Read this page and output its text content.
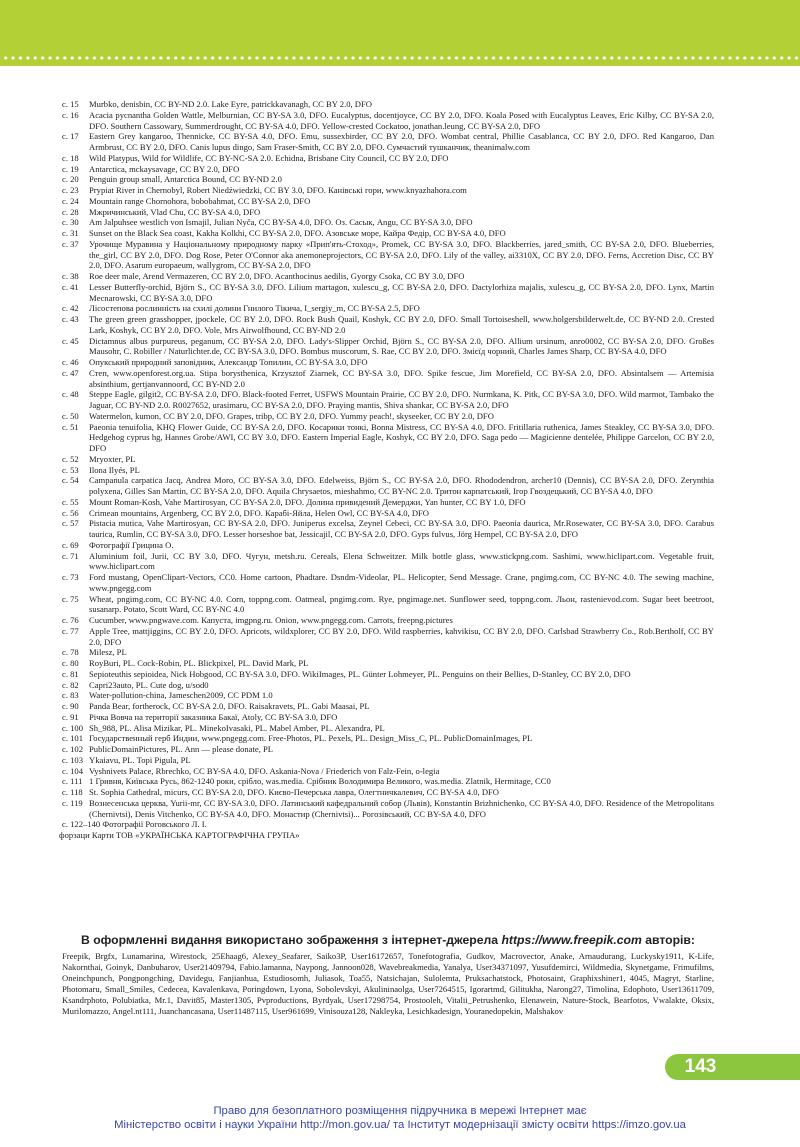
с. 15	Murbko, denisbin, CC BY-ND 2.0. Lake Eyre, patrickkavanagh, CC BY 2.0, DFO
с. 16	Acacia pycnantha Golden Wattle, Melburnian, CC BY-SA 3.0, DFO. Eucalyptus, docentjoyce, CC BY 2.0, DFO. Koala Posed with Eucalyptus Leaves, Eric Kilby, CC BY-SA 2.0, DFO. Southern Cassowary, Summerdrought, CC BY-SA 4.0, DFO. Yellow-crested Cockatoo, jonathan.leung, CC BY-SA 2.0, DFO
с. 17	Eastern Grey kangaroo, Thennicke, CC BY-SA 4.0, DFO. Emu, sussexbirder, CC BY 2.0, DFO. Wombat central, Phillie Casablanca, CC BY 2.0, DFO. Red Kangaroo, Dan Armbrust, CC BY 2.0, DFO. Canis lupus dingo, Sam Fraser-Smith, CC BY 2.0, DFO. Сумчастий тушканчик, theanimalw.com
с. 18	Wild Platypus, Wild for Wildlife, CC BY-NC-SA 2.0. Echidna, Brisbane City Council, CC BY 2.0, DFO
с. 19	Antarctica, mckaysavage, CC BY 2.0, DFO
с. 20	Penguin group small, Antarctica Bound, CC BY-ND 2.0
с. 23	Prypiat River in Chernobyl, Robert Niedźwiedzki, CC BY 3.0, DFO. Канівські гори, www.knyazhahora.com
с. 24	Mountain range Chornohora, bobobahmat, CC BY-SA 2.0, DFO
с. 28	Мжричинський, Vlad Chu, CC BY-SA 4.0, DFO
с. 30	Am Jalpuhsee westlich von Ismajil, Julian Nyča, CC BY-SA 4.0, DFO. Оз. Сасык, Angu, CC BY-SA 3.0, DFO
с. 31	Sunset on the Black Sea coast, Kakha Kolkhi, CC BY-SA 2.0, DFO. Азовське море, Кайра Федір, CC BY-SA 4.0, DFO
с. 37	Урочище Муравина у Національному природному парку «Прип'ять-Стоход», Promek, CC BY-SA 3.0, DFO. Blackberries, jared_smith, CC BY-SA 2.0, DFO. Blueberries, the_girl, CC BY 2.0, DFO. Dog Rose, Peter O'Connor aka anemoneprojectors, CC BY-SA 2.0, DFO. Lily of the valley, ai3310X, CC BY 2.0, DFO. Ferns, Accretion Disc, CC BY 2.0, DFO. Asarum europaeum, wallygrom, CC BY-SA 2.0, DFO
с. 38	Roe deer male, Arend Vermazeren, CC BY 2.0, DFO. Acanthocinus aedilis, Gyorgy Csoka, CC BY 3.0, DFO
с. 41	Lesser Butterfly-orchid, Björn S., CC BY-SA 3.0, DFO. Lilium martagon, xulescu_g, CC BY-SA 2.0, DFO. Dactylorhiza majalis, xulescu_g, CC BY-SA 2.0, DFO. Lynx, Martin Mecnarowski, CC BY-SA 3.0, DFO
с. 42	Лісостепова рослинність на схилі долини Гнилого Тікича, I_sergiy_m, CC BY-SA 2.5, DFO
с. 43	The green green grasshopper, jpockele, CC BY 2.0, DFO. Rock Bush Quail, Koshyk, CC BY 2.0, DFO. Small Tortoiseshell, www.holgersbilderwelt.de, CC BY-ND 2.0. Crested Lark, Koshyk, CC BY 2.0, DFO. Vole, Mrs Airwolfhound, CC BY-ND 2.0
с. 45	Dictamnus albus purpureus, peganum, CC BY-SA 2.0, DFO. Lady's-Slipper Orchid, Björn S., CC BY-SA 2.0, DFO. Allium ursinum, anro0002, CC BY-SA 2.0, DFO. Großes Mausohr, C. Robiller / Naturlichter.de, CC BY-SA 3.0, DFO. Bombus muscorum, S. Rae, CC BY 2.0, DFO. Змієїд чорний, Charles James Sharp, CC BY-SA 4.0, DFO
с. 46	Опукський природний заповідник, Александр Топилин, CC BY-SA 3.0, DFO
с. 47	Степ, www.openforest.org.ua. Stipa borysthenica, Krzysztof Ziarnek, CC BY-SA 3.0, DFO. Spike fescue, Jim Morefield, CC BY-SA 2.0, DFO. Absintalsem — Artemisia absinthium, gertjanvannoord, CC BY-ND 2.0
с. 48	Steppe Eagle, gilgit2, CC BY-SA 2.0, DFO. Black-footed Ferret, USFWS Mountain Prairie, CC BY 2.0, DFO. Nurmkana, K. Pitk, CC BY-SA 3.0, DFO. Wild marmot, Tambako the Jaguar, CC BY-ND 2.0. R0027652, urasimaru, CC BY-SA 2.0, DFO. Praying mantis, Shiva shankar, CC BY-SA 2.0, DFO
с. 50	Watermelon, kumon, CC BY 2.0, DFO. Grapes, tribp, CC BY 2.0, DFO. Yummy peach!, skyseeker, CC BY 2.0, DFO
с. 51	Paeonia tenuifolia, KHQ Flower Guide, CC BY-SA 2.0, DFO. Косарики тонкі, Bonna Mistress, CC BY-SA 4.0, DFO. Fritillaria ruthenica, James Steakley, CC BY-SA 3.0, DFO. Hedgehog cyprus hg, Hannes Grobe/AWI, CC BY 3.0, DFO. Eastern Imperial Eagle, Koshyk, CC BY 2.0, DFO. Saga pedo — Magicienne dentelée, Philippe Garcelon, CC BY 2.0, DFO
с. 52	Mryoxter, PL
с. 53	Ilona Ilyés, PL
с. 54	Campanula carpatica Jacq, Andrea Moro, CC BY-SA 3.0, DFO. Edelweiss, Björn S., CC BY-SA 2.0, DFO. Rhododendron, archer10 (Dennis), CC BY-SA 2.0, DFO. Zerynthia polyxena, Gilles San Martin, CC BY-SA 2.0, DFO. Aquila Chrysaetos, mieshahmo, CC BY-NC 2.0. Тритон карпатський, Ігор Гвоздецький, CC BY-SA 4.0, DFO
с. 55	Mount Roman-Kosh, Vahe Martirosyan, CC BY-SA 2.0, DFO. Долина привидений Демерджи, Yan hunter, CC BY 1.0, DFO
с. 56	Crimean mountains, Argenberg, CC BY 2.0, DFO. Карабі-Яйла, Helen Owl, CC BY-SA 4.0, DFO
с. 57	Pistacia mutica, Vahe Martirosyan, CC BY-SA 2.0, DFO. Juniperus excelsa, Zeynel Cebeci, CC BY-SA 3.0, DFO. Paeonia daurica, Mr.Rosewater, CC BY-SA 3.0, DFO. Carabus taurica, Rumlin, CC BY-SA 3.0, DFO. Lesser horseshoe bat, Jessicajil, CC BY-SA 2.0, DFO. Gyps fulvus, Jörg Hempel, CC BY-SA 2.0, DFO
с. 69	Фотографії Грицина О.
с. 71	Aluminium foil, Jurii, CC BY 3.0, DFO. Чугун, metsh.ru. Cereals, Elena Schweitzer. Milk bottle glass, www.stickpng.com. Sashimi, www.hiclipart.com. Vegetable fruit, www.hiclipart.com
с. 73	Ford mustang, OpenClipart-Vectors, CC0. Home cartoon, Phadtare. Dsndm-Videolar, PL. Helicopter, Send Message. Crane, pngimg.com, CC BY-NC 4.0. The sewing machine, www.pngegg.com
с. 75	Wheat, pngimg.com, CC BY-NC 4.0. Corn, toppng.com. Oatmeal, pngimg.com. Rye, pngimage.net. Sunflower seed, toppng.com. Льон, rasteniеvod.com. Sugar beet beetroot, susanarp. Potato, Scott Ward, CC BY-NC 4.0
с. 76	Cucumber, www.pngwave.com. Капуста, imgpng.ru. Onion, www.pngegg.com. Carrots, freepng.pictures
с. 77	Apple Tree, mattjiggins, CC BY 2.0, DFO. Apricots, wildxplorer, CC BY 2.0, DFO. Wild raspberries, kahvikisu, CC BY 2.0, DFO. Carlsbad Strawberry Co., Rob.Bertholf, CC BY 2.0, DFO
с. 78	Milesz, PL
с. 80	RoyBuri, PL. Cock-Robin, PL. Blickpixel, PL. David Mark, PL
с. 81	Sepioteuthis sepioidea, Nick Hobgood, CC BY-SA 3.0, DFO. WikiImages, PL. Günter Lohmeyer, PL. Penguins on their Bellies, D-Stanley, CC BY 2.0, DFO
с. 82	Capri23auto, PL. Cute dog, u/sod0
с. 83	Water-pollution-china, Jameschen2009, CC PDM 1.0
с. 90	Panda Bear, fortherock, CC BY-SA 2.0, DFO. Raisakravets, PL. Gabi Maasai, PL
с. 91	Річка Вовча на території заказника Бакаї, Atoly, CC BY-SA 3.0, DFO
с. 100 Sh_988, PL. Alisa Mizikar, PL. MinekoIvasaki, PL. Mabel Amber, PL. Alexandra, PL
с. 101 Государственный герб Индии, www.pngegg.com. Free-Photos, PL. Pexels, PL. Design_Miss_C, PL. PublicDomainImages, PL
с. 102 PublicDomainPictures, PL. Ann — please donate, PL
с. 103 Ykaiavu, PL. Topi Pigula, PL
с. 104 Vyshnivets Palace, Rbrechko, CC BY-SA 4.0, DFO. Askania-Nova / Friederich von Falz-Fein, o-legia
с. 111 1 Гривня, Київська Русь, 862-1240 роки, срібло, was.media. Срібник Володимира Великого, was.media. Zlatnik, Hermitage, CC0
с. 118 St. Sophia Cathedral, micurs, CC BY-SA 2.0, DFO. Києво-Печерська лавра, Олегтничкалевич, CC BY-SA 4.0, DFO
с. 119 Вознесенська церква, Yuriі-mr, CC BY-SA 3.0, DFO. Латинський кафедральний собор (Львів), Konstantin Brizhnichenko, CC BY-SA 4.0, DFO. Residence of the Metropolitans (Chernivtsi), Denis Vitchenko, CC BY-SA 4.0, DFO. Монастир (Chernivtsi)... Рогозівський, CC BY-SA 4.0, DFO
с. 122–140 Фотографії Роговськогo Л. І.
форзаци Карти ТОВ «УКРАЇНСЬКА КАРТОГРАФІЧНА ГРУПА»
В оформленні видання використано зображення з інтернет-джерела https://www.freepik.com авторів:
Freepik, Brgfx, Lunamarina, Wirestock, 25Ehaag6, Alexey_Seafarer, Saiko3P, User16172657, Tonefotografia, Gudkov, Macrovector, Anake, Arnaudurang, Luckysky1911, K-Life, Nakornthai, Goinyk, Danbuharov, User21409794, Fabio.lamanna, Naypong, Jannoon028, Wavebreakmedia, Yanalya, User34371097, Yusufdemirci, Wildmedia, Skynetgame, Frimufilms, Oneinchpunch, Pongpongching, Davidegu, Fanjianhua, Estudiosomh, Juliasok, Toa55, Natsichajan, Sulolemta, Pruksachatstock, Photosaint, Graphixshiner1, 4045, Magryt, Starline, Photomaru, Small_Smiles, Cedecea, Kavalenkava, Poringdown, Lyona, Sobolevskyi, Akulininaolga, User7264515, Igorartmd, Gilitukha, Narong27, Timolina, Edophoto, User13611709, Ksandrphoto, Polubiatka, Mr.1, Davit85, Master1305, Pvproductions, Byrdyak, User17298754, Prostooleh, Vitalii_Petrushenko, Elenawein, Nature-Stock, Bearfotos, Vwalakte, Oksix, Murilomazzo, Angel.nt111, Juanchancasana, User11487115, User961699, Vinisouza128, Nakleyka, Lesichkadesign, Youranedopekin, Malshakov
143
Право для безоплатного розміщення підручника в мережі Інтернет має
Міністерство освіти і науки України http://mon.gov.ua/ та Інститут модернізації змісту освіти https://imzo.gov.ua
